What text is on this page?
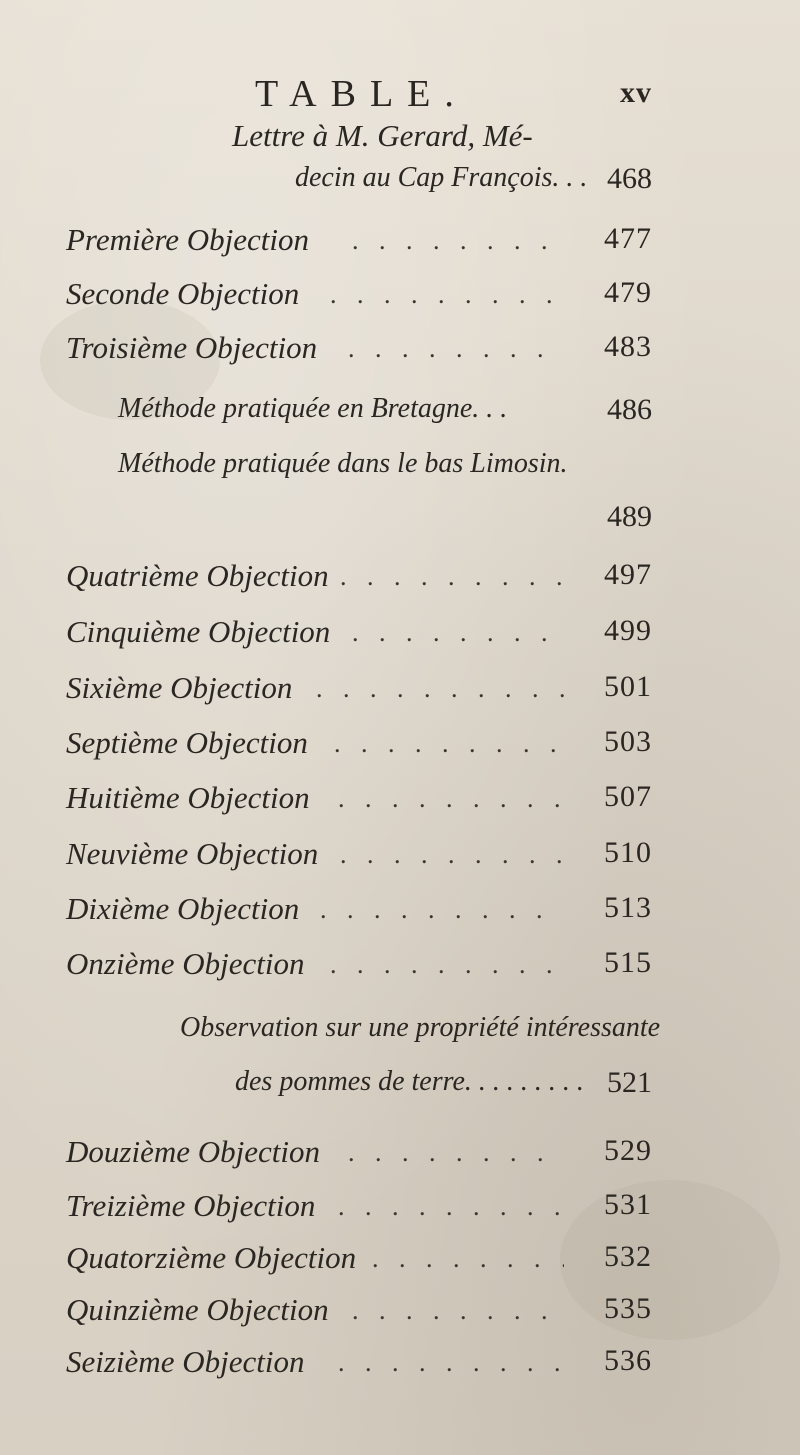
TABLE.	xv
Lettre à M. Gerard, Mé-
decin au Cap François. . . 468
Première Objection . . .	477
Seconde Objection . . .	479
Troisième Objection . . .	483
Méthode pratiquée en Bretagne. . .	486
Méthode pratiquée dans le bas Limosin.
489
Quatrième Objection . . .	497
Cinquième Objection . . .	499
Sixième Objection . . .	501
Septième Objection . . .	503
Huitième Objection . . .	507
Neuvième Objection . . .	510
Dixième Objection . . .	513
Onzième Objection . . .	515
Observation sur une propriété intéressante
des pommes de terre. . . . . . . . . 521
Douzième Objection . . .	529
Treizième Objection . . .	531
Quatorzième Objection . . .	532
Quinzième Objection . . .	535
Seizième Objection . . .	536
